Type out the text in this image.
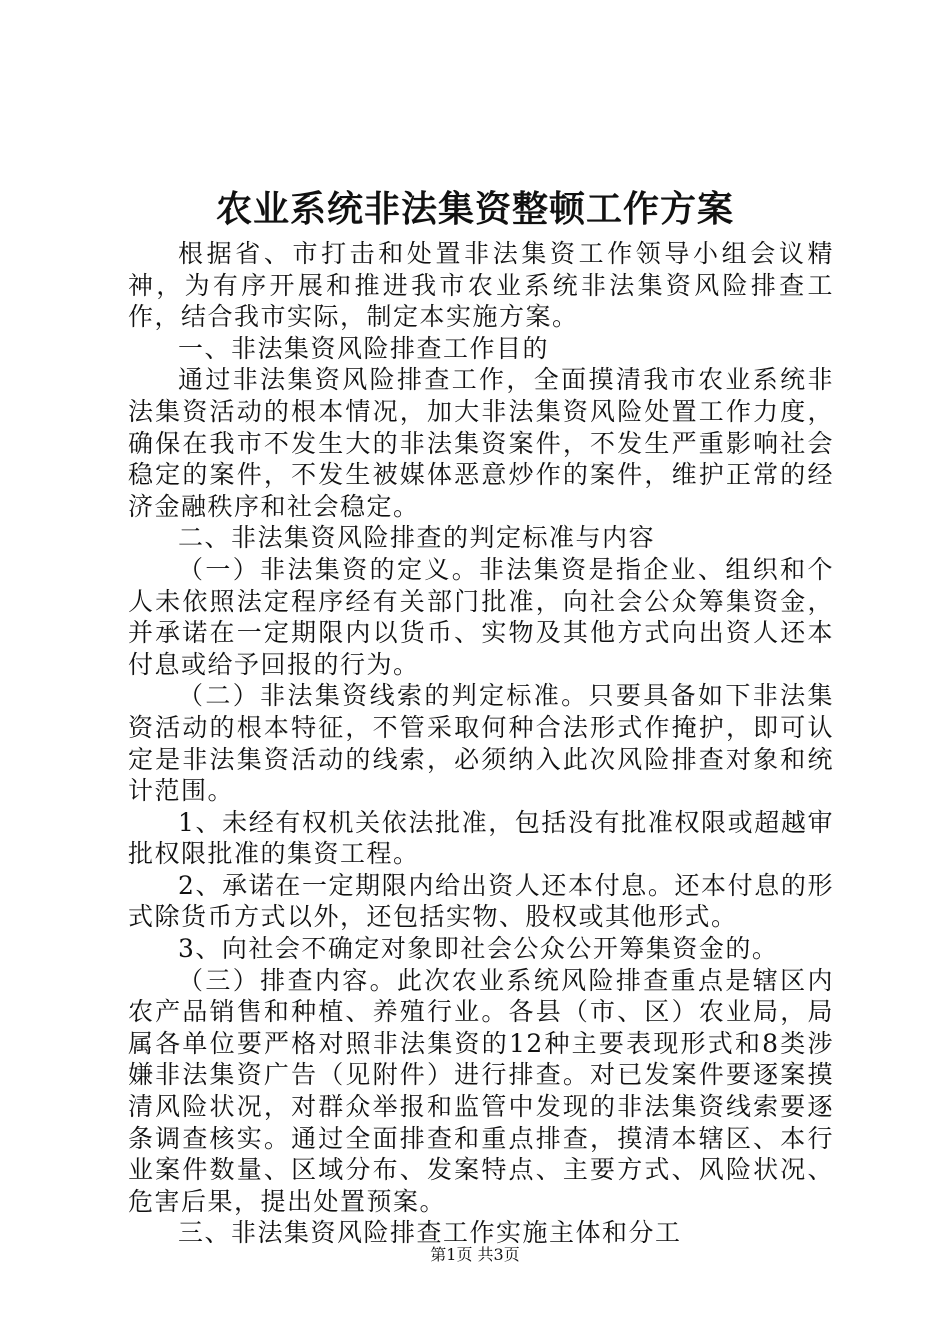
农业系统非法集资整顿工作方案

根据省、市打击和处置非法集资工作领导小组会议精神，为有序开展和推进我市农业系统非法集资风险排查工作，结合我市实际，制定本实施方案。

一、非法集资风险排查工作目的

通过非法集资风险排查工作，全面摸清我市农业系统非法集资活动的根本情况，加大非法集资风险处置工作力度，确保在我市不发生大的非法集资案件，不发生严重影响社会稳定的案件，不发生被媒体恶意炒作的案件，维护正常的经济金融秩序和社会稳定。

二、非法集资风险排查的判定标准与内容

（一）非法集资的定义。非法集资是指企业、组织和个人未依照法定程序经有关部门批准，向社会公众筹集资金，并承诺在一定期限内以货币、实物及其他方式向出资人还本付息或给予回报的行为。

（二）非法集资线索的判定标准。只要具备如下非法集资活动的根本特征，不管采取何种合法形式作掩护，即可认定是非法集资活动的线索，必须纳入此次风险排查对象和统计范围。

1、未经有权机关依法批准，包括没有批准权限或超越审批权限批准的集资工程。

2、承诺在一定期限内给出资人还本付息。还本付息的形式除货币方式以外，还包括实物、股权或其他形式。

3、向社会不确定对象即社会公众公开筹集资金的。

（三）排查内容。此次农业系统风险排查重点是辖区内农产品销售和种植、养殖行业。各县（市、区）农业局，局属各单位要严格对照非法集资的12种主要表现形式和8类涉嫌非法集资广告（见附件）进行排查。对已发案件要逐案摸清风险状况，对群众举报和监管中发现的非法集资线索要逐条调查核实。通过全面排查和重点排查，摸清本辖区、本行业案件数量、区域分布、发案特点、主要方式、风险状况、危害后果，提出处置预案。

三、非法集资风险排查工作实施主体和分工

第1页 共3页
